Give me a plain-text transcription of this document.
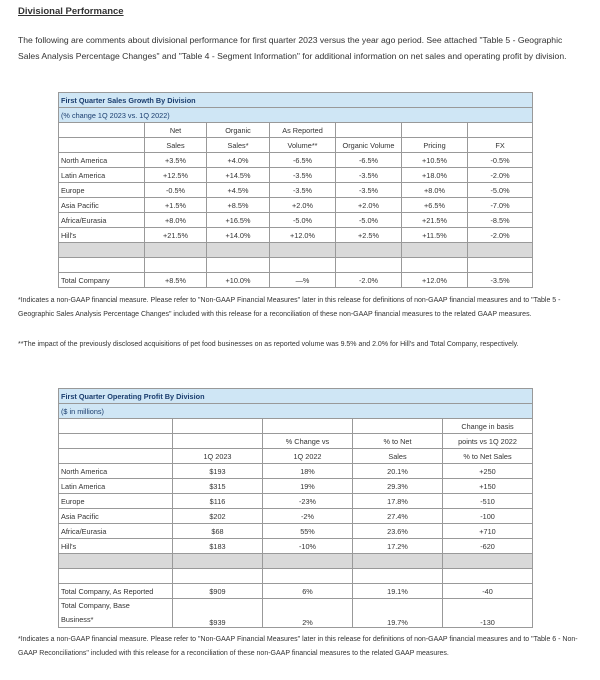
Divisional Performance
The following are comments about divisional performance for first quarter 2023 versus the year ago period. See attached "Table 5 - Geographic Sales Analysis Percentage Changes" and "Table 4 - Segment Information" for additional information on net sales and operating profit by division.
First Quarter Sales Growth By Division						
(% change 1Q 2023 vs. 1Q 2022)						
	Net	Organic	As Reported			
	Sales	Sales*	Volume**	Organic Volume	Pricing	FX
North America	+3.5%	+4.0%	-6.5%	-6.5%	+10.5%	-0.5%
Latin America	+12.5%	+14.5%	-3.5%	-3.5%	+18.0%	-2.0%
Europe	-0.5%	+4.5%	-3.5%	-3.5%	+8.0%	-5.0%
Asia Pacific	+1.5%	+8.5%	+2.0%	+2.0%	+6.5%	-7.0%
Africa/Eurasia	+8.0%	+16.5%	-5.0%	-5.0%	+21.5%	-8.5%
Hill's	+21.5%	+14.0%	+12.0%	+2.5%	+11.5%	-2.0%

Total Company	+8.5%	+10.0%	—%	-2.0%	+12.0%	-3.5%
*Indicates a non-GAAP financial measure. Please refer to "Non-GAAP Financial Measures" later in this release for definitions of non-GAAP financial measures and to "Table 5 - Geographic Sales Analysis Percentage Changes" included with this release for a reconciliation of these non-GAAP financial measures to the related GAAP measures.
**The impact of the previously disclosed acquisitions of pet food businesses on as reported volume was 9.5% and 2.0% for Hill's and Total Company, respectively.
First Quarter Operating Profit By Division				
($ in millions)				
				Change in basis
		% Change vs	% to Net	points vs 1Q 2022
	1Q 2023	1Q 2022	Sales	% to Net Sales
North America	$193	18%	20.1%	+250
Latin America	$315	19%	29.3%	+150
Europe	$116	-23%	17.8%	-510
Asia Pacific	$202	-2%	27.4%	-100
Africa/Eurasia	$68	55%	23.6%	+710
Hill's	$183	-10%	17.2%	-620

Total Company, As Reported	$909	6%	19.1%	-40

Total Company, Base
Business*	$939	2%	19.7%	-130
*Indicates a non-GAAP financial measure. Please refer to "Non-GAAP Financial Measures" later in this release for definitions of non-GAAP financial measures and to "Table 6 - Non-GAAP Reconciliations" included with this release for a reconciliation of these non-GAAP financial measures to the related GAAP measures.
